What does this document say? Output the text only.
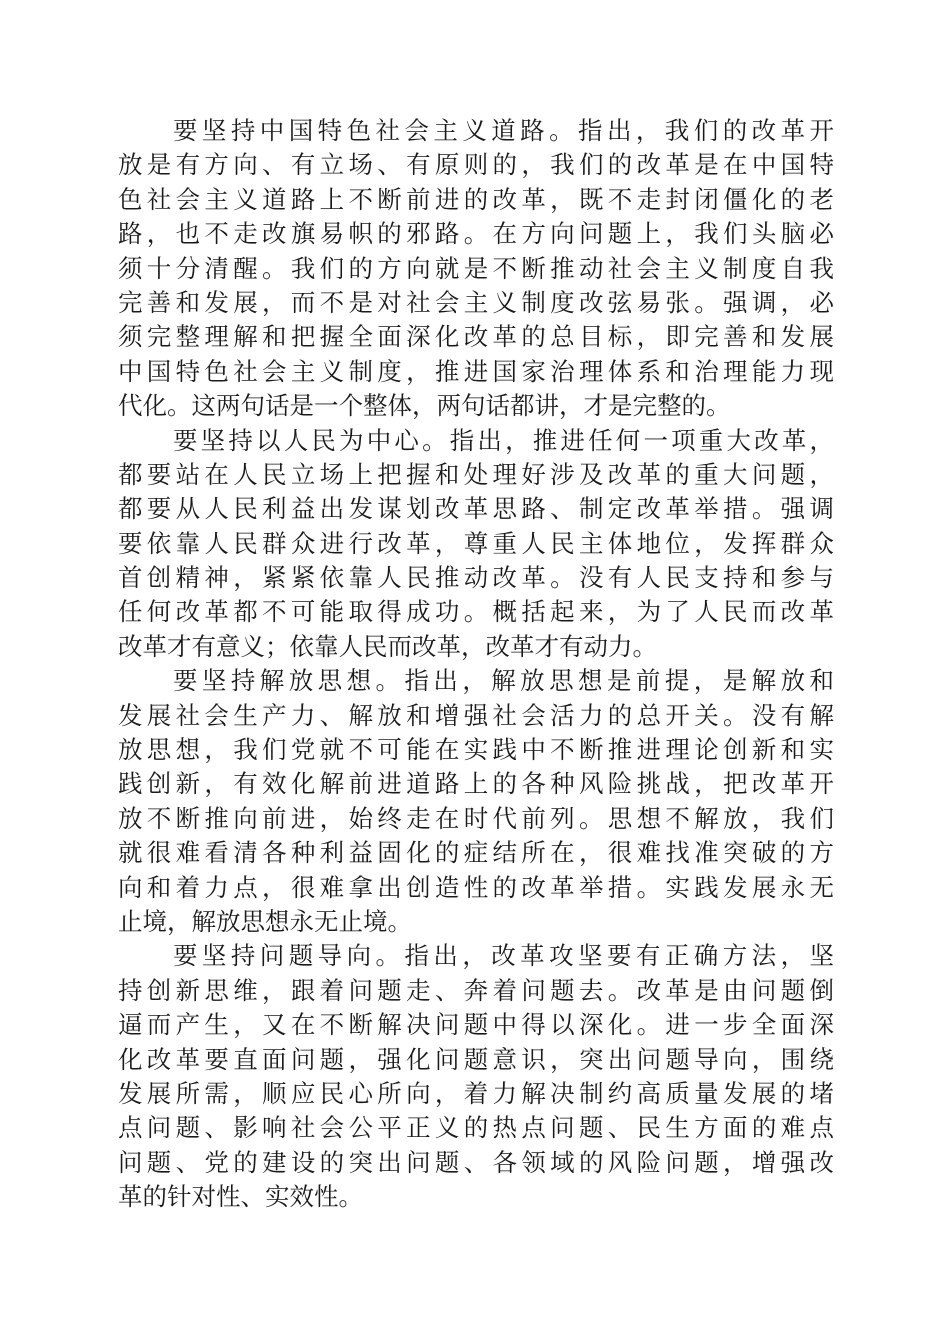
要坚持中国特色社会主义道路。指出，我们的改革开
放是有方向、有立场、有原则的，我们的改革是在中国特
色社会主义道路上不断前进的改革，既不走封闭僵化的老
路，也不走改旗易帜的邪路。在方向问题上，我们头脑必
须十分清醒。我们的方向就是不断推动社会主义制度自我
完善和发展，而不是对社会主义制度改弦易张。强调，必
须完整理解和把握全面深化改革的总目标，即完善和发展
中国特色社会主义制度，推进国家治理体系和治理能力现
代化。这两句话是一个整体，两句话都讲，才是完整的。
要坚持以人民为中心。指出，推进任何一项重大改革，
都要站在人民立场上把握和处理好涉及改革的重大问题，
都要从人民利益出发谋划改革思路、制定改革举措。强调
要依靠人民群众进行改革，尊重人民主体地位，发挥群众
首创精神，紧紧依靠人民推动改革。没有人民支持和参与
任何改革都不可能取得成功。概括起来，为了人民而改革
改革才有意义；依靠人民而改革，改革才有动力。
要坚持解放思想。指出，解放思想是前提，是解放和
发展社会生产力、解放和增强社会活力的总开关。没有解
放思想，我们党就不可能在实践中不断推进理论创新和实
践创新，有效化解前进道路上的各种风险挑战，把改革开
放不断推向前进，始终走在时代前列。思想不解放，我们
就很难看清各种利益固化的症结所在，很难找准突破的方
向和着力点，很难拿出创造性的改革举措。实践发展永无
止境，解放思想永无止境。
要坚持问题导向。指出，改革攻坚要有正确方法，坚
持创新思维，跟着问题走、奔着问题去。改革是由问题倒
逼而产生，又在不断解决问题中得以深化。进一步全面深
化改革要直面问题，强化问题意识，突出问题导向，围绕
发展所需，顺应民心所向，着力解决制约高质量发展的堵
点问题、影响社会公平正义的热点问题、民生方面的难点
问题、党的建设的突出问题、各领域的风险问题，增强改
革的针对性、实效性。
